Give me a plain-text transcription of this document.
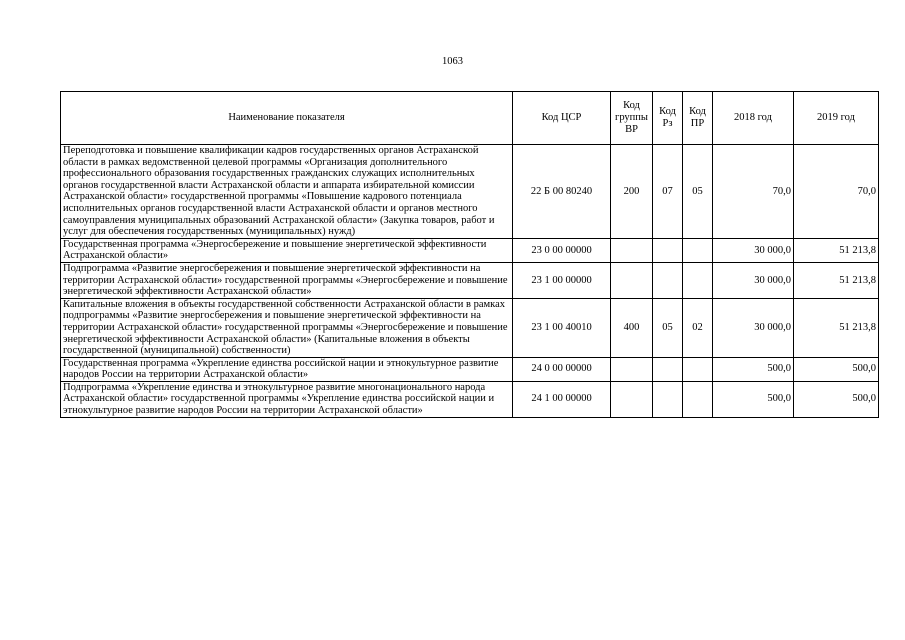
1063
Наименование показателя	Код ЦСР	Код группы ВР	Код Рз	Код ПР	2018 год	2019 год
Переподготовка и повышение квалификации кадров государственных органов Астраханской области в рамках ведомственной целевой программы «Организация дополнительного профессионального образования государственных гражданских служащих исполнительных органов государственной власти Астраханской области и аппарата избирательной комиссии Астраханской области» государственной программы «Повышение кадрового потенциала исполнительных органов государственной власти Астраханской области и органов местного самоуправления муниципальных образований Астраханской области» (Закупка товаров, работ и услуг для обеспечения государственных (муниципальных) нужд)	22 Б 00 80240	200	07	05	70,0	70,0
Государственная программа «Энергосбережение и повышение энергетической эффективности Астраханской области»	23 0 00 00000				30 000,0	51 213,8
Подпрограмма «Развитие энергосбережения и повышение энергетической эффективности на территории Астраханской области» государственной программы «Энергосбережение и повышение энергетической эффективности Астраханской области»	23 1 00 00000				30 000,0	51 213,8
Капитальные вложения в объекты государственной собственности Астраханской области в рамках подпрограммы «Развитие энергосбережения и повышение энергетической эффективности на территории Астраханской области» государственной программы «Энергосбережение и повышение энергетической эффективности Астраханской области» (Капитальные вложения в объекты государственной (муниципальной) собственности)	23 1 00 40010	400	05	02	30 000,0	51 213,8
Государственная программа «Укрепление единства российской нации и этнокультурное развитие народов России на территории Астраханской области»	24 0 00 00000				500,0	500,0
Подпрограмма «Укрепление единства и этнокультурное развитие многонационального народа Астраханской области» государственной программы «Укрепление единства российской нации и этнокультурное развитие народов России на территории Астраханской области»	24 1 00 00000				500,0	500,0
